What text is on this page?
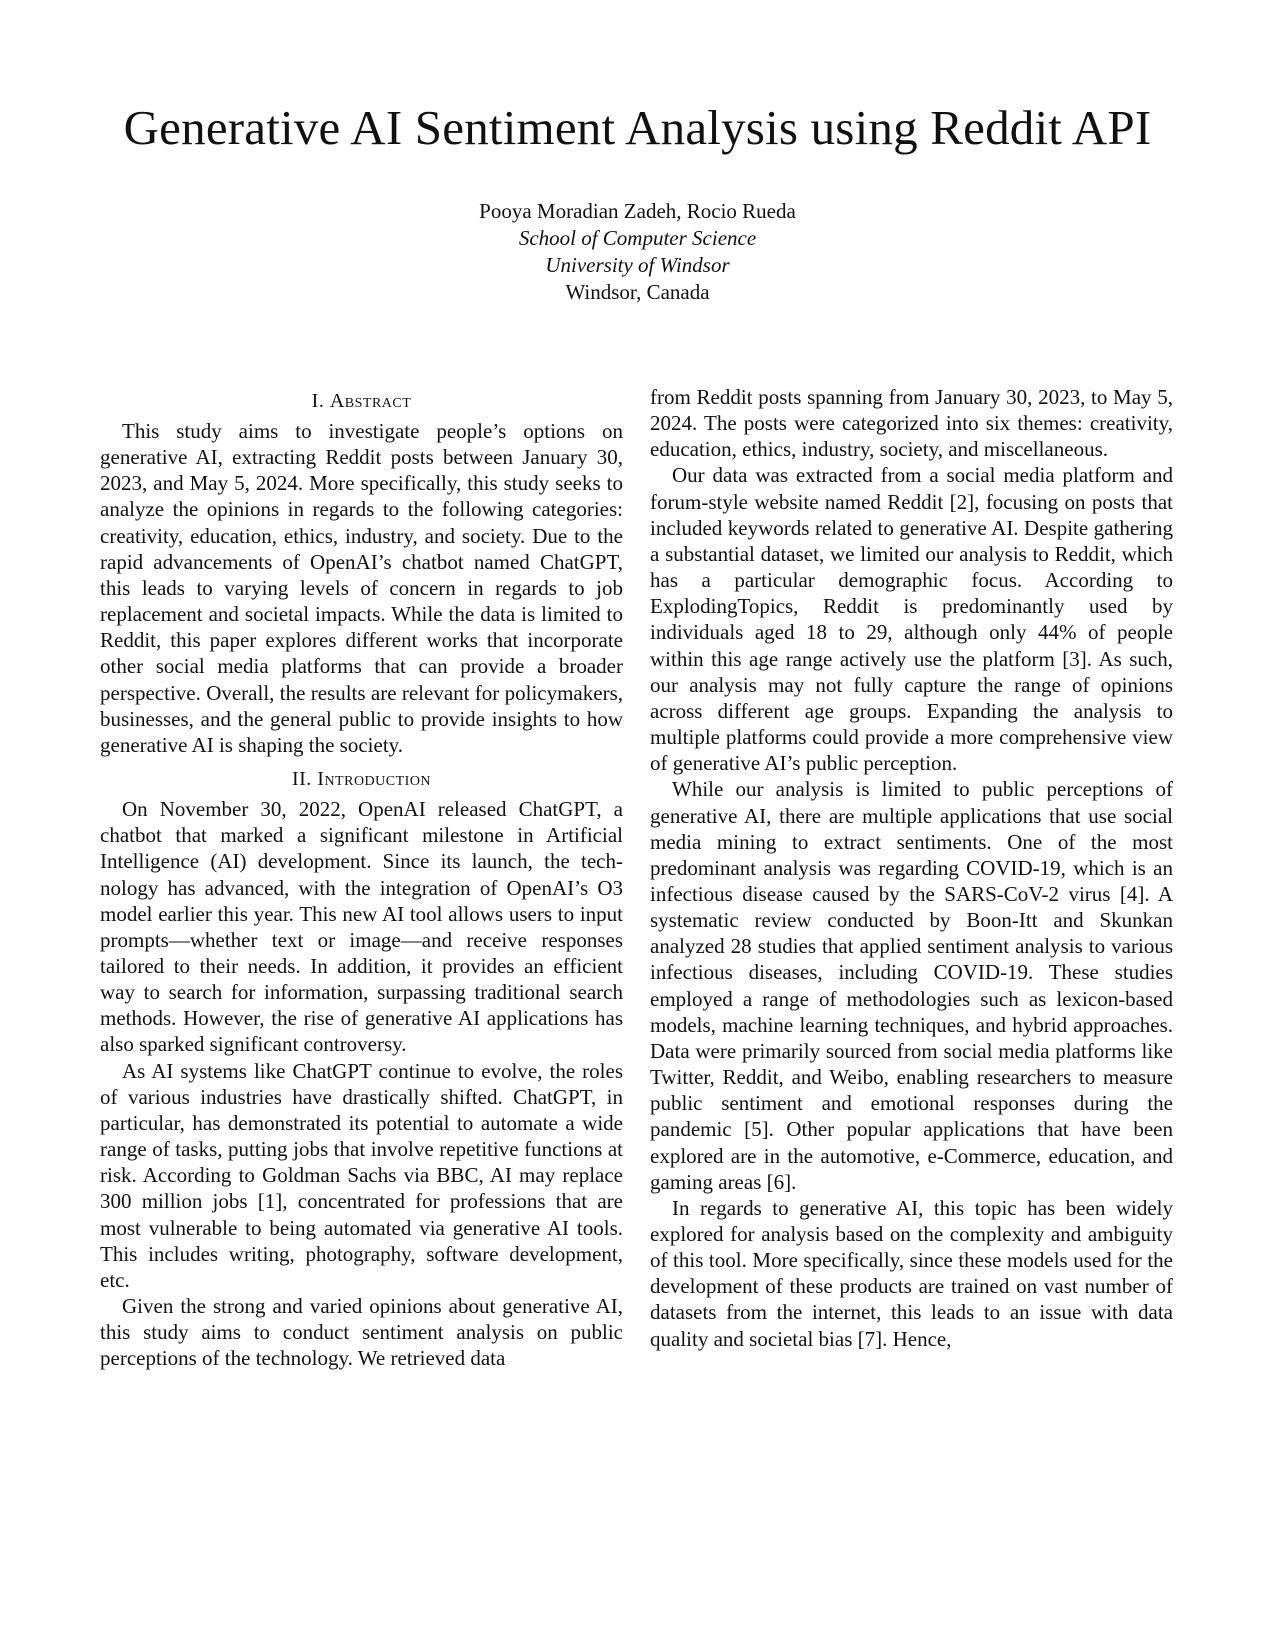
Generative AI Sentiment Analysis using Reddit API
Pooya Moradian Zadeh, Rocio Rueda
School of Computer Science
University of Windsor
Windsor, Canada
I. Abstract

This study aims to investigate people’s options on generative AI, extracting Reddit posts between January 30, 2023, and May 5, 2024. More specifically, this study seeks to analyze the opinions in regards to the following categories: creativity, education, ethics, industry, and society. Due to the rapid advancements of OpenAI’s chatbot named ChatGPT, this leads to varying levels of concern in regards to job replacement and societal impacts. While the data is limited to Reddit, this paper explores different works that incorporate other social media platforms that can provide a broader perspective. Overall, the results are relevant for policymakers, businesses, and the general public to provide insights to how generative AI is shaping the society.

II. Introduction

On November 30, 2022, OpenAI released ChatGPT, a chatbot that marked a significant milestone in Artificial Intelligence (AI) development. Since its launch, the technology has advanced, with the integration of OpenAI’s O3 model earlier this year. This new AI tool allows users to input prompts—whether text or image—and receive responses tailored to their needs. In addition, it provides an efficient way to search for information, surpassing traditional search methods. However, the rise of generative AI applications has also sparked significant controversy.

As AI systems like ChatGPT continue to evolve, the roles of various industries have drastically shifted. ChatGPT, in particular, has demonstrated its potential to automate a wide range of tasks, putting jobs that involve repetitive functions at risk. According to Goldman Sachs via BBC, AI may replace 300 million jobs [1], concentrated for professions that are most vulnerable to being automated via generative AI tools. This includes writing, photography, software development, etc.

Given the strong and varied opinions about generative AI, this study aims to conduct sentiment analysis on public perceptions of the technology. We retrieved data

from Reddit posts spanning from January 30, 2023, to May 5, 2024. The posts were categorized into six themes: creativity, education, ethics, industry, society, and miscellaneous.

Our data was extracted from a social media platform and forum-style website named Reddit [2], focusing on posts that included keywords related to generative AI. Despite gathering a substantial dataset, we limited our analysis to Reddit, which has a particular demographic focus. According to ExplodingTopics, Reddit is predominantly used by individuals aged 18 to 29, although only 44% of people within this age range actively use the platform [3]. As such, our analysis may not fully capture the range of opinions across different age groups. Expanding the analysis to multiple platforms could provide a more comprehensive view of generative AI’s public perception.

While our analysis is limited to public perceptions of generative AI, there are multiple applications that use social media mining to extract sentiments. One of the most predominant analysis was regarding COVID-19, which is an infectious disease caused by the SARS-CoV-2 virus [4]. A systematic review conducted by Boon-Itt and Skunkan analyzed 28 studies that applied sentiment analysis to various infectious diseases, including COVID-19. These studies employed a range of methodologies such as lexicon-based models, machine learning techniques, and hybrid approaches. Data were primarily sourced from social media platforms like Twitter, Reddit, and Weibo, enabling researchers to measure public sentiment and emotional responses during the pandemic [5]. Other popular applications that have been explored are in the automotive, e-Commerce, education, and gaming areas [6].

In regards to generative AI, this topic has been widely explored for analysis based on the complexity and ambiguity of this tool. More specifically, since these models used for the development of these products are trained on vast number of datasets from the internet, this leads to an issue with data quality and societal bias [7]. Hence,
